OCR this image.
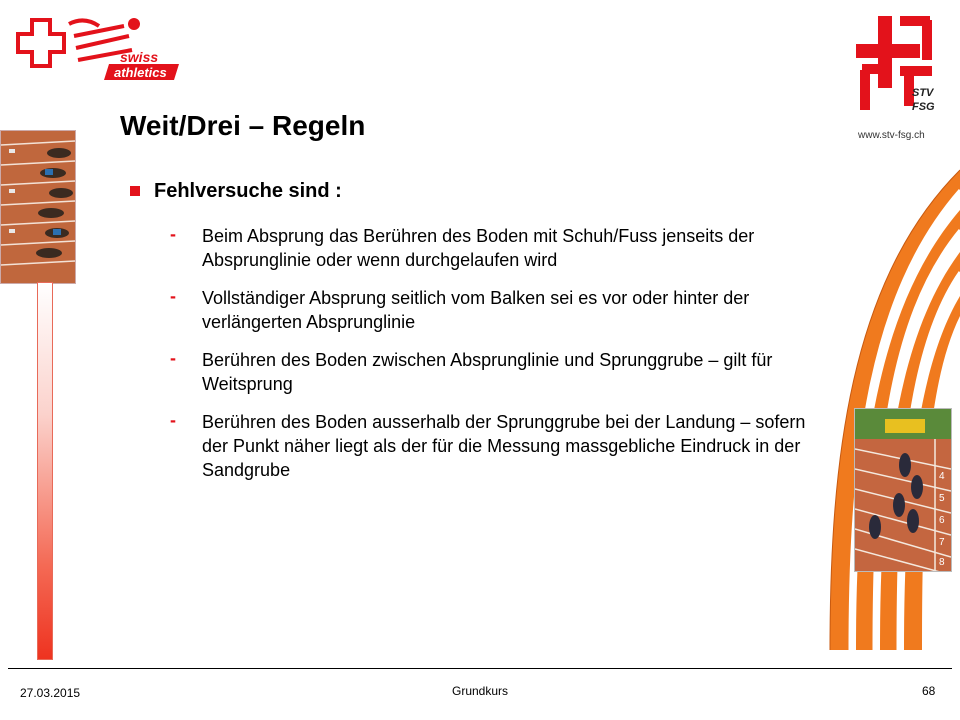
swiss
athletics
STV
FSG
www.stv-fsg.ch
Weit/Drei – Regeln
4
5
6
7
8
Fehlversuche sind :
-	Beim Absprung das Berühren des Boden mit Schuh/Fuss jenseits der Absprunglinie oder wenn durchgelaufen wird
-	Vollständiger Absprung seitlich vom Balken sei es vor oder hinter der verlängerten Absprunglinie
-	Berühren des Boden zwischen Absprunglinie und Sprunggrube – gilt für Weitsprung
-	Berühren des Boden ausserhalb der Sprunggrube bei der Landung – sofern der Punkt näher liegt als der für die Messung massgebliche Eindruck in der Sandgrube
27.03.2015	Grundkurs	68
